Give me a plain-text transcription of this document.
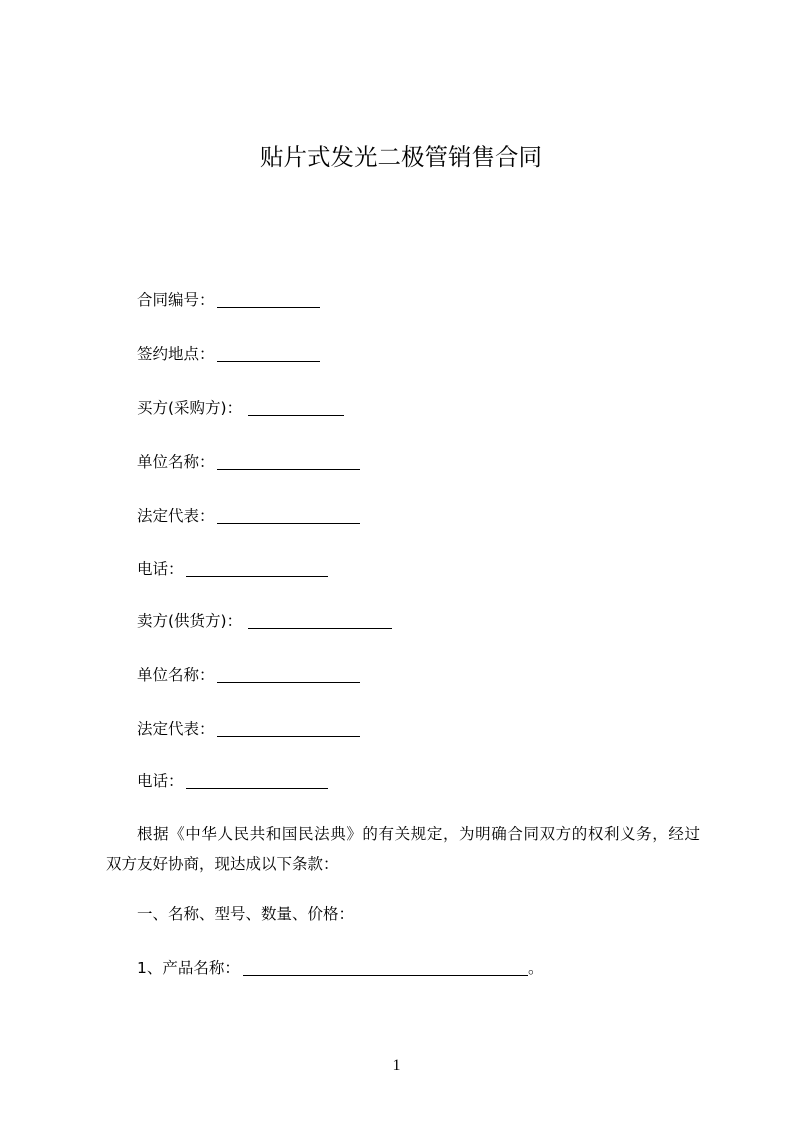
贴片式发光二极管销售合同
合同编号：
签约地点：
买方(采购方)：
单位名称：
法定代表：
电话：
卖方(供货方)：
单位名称：
法定代表：
电话：
根据《中华人民共和国民法典》的有关规定，为明确合同双方的权利义务，经过
双方友好协商，现达成以下条款：
一、名称、型号、数量、价格：
1、产品名称：	。
1
